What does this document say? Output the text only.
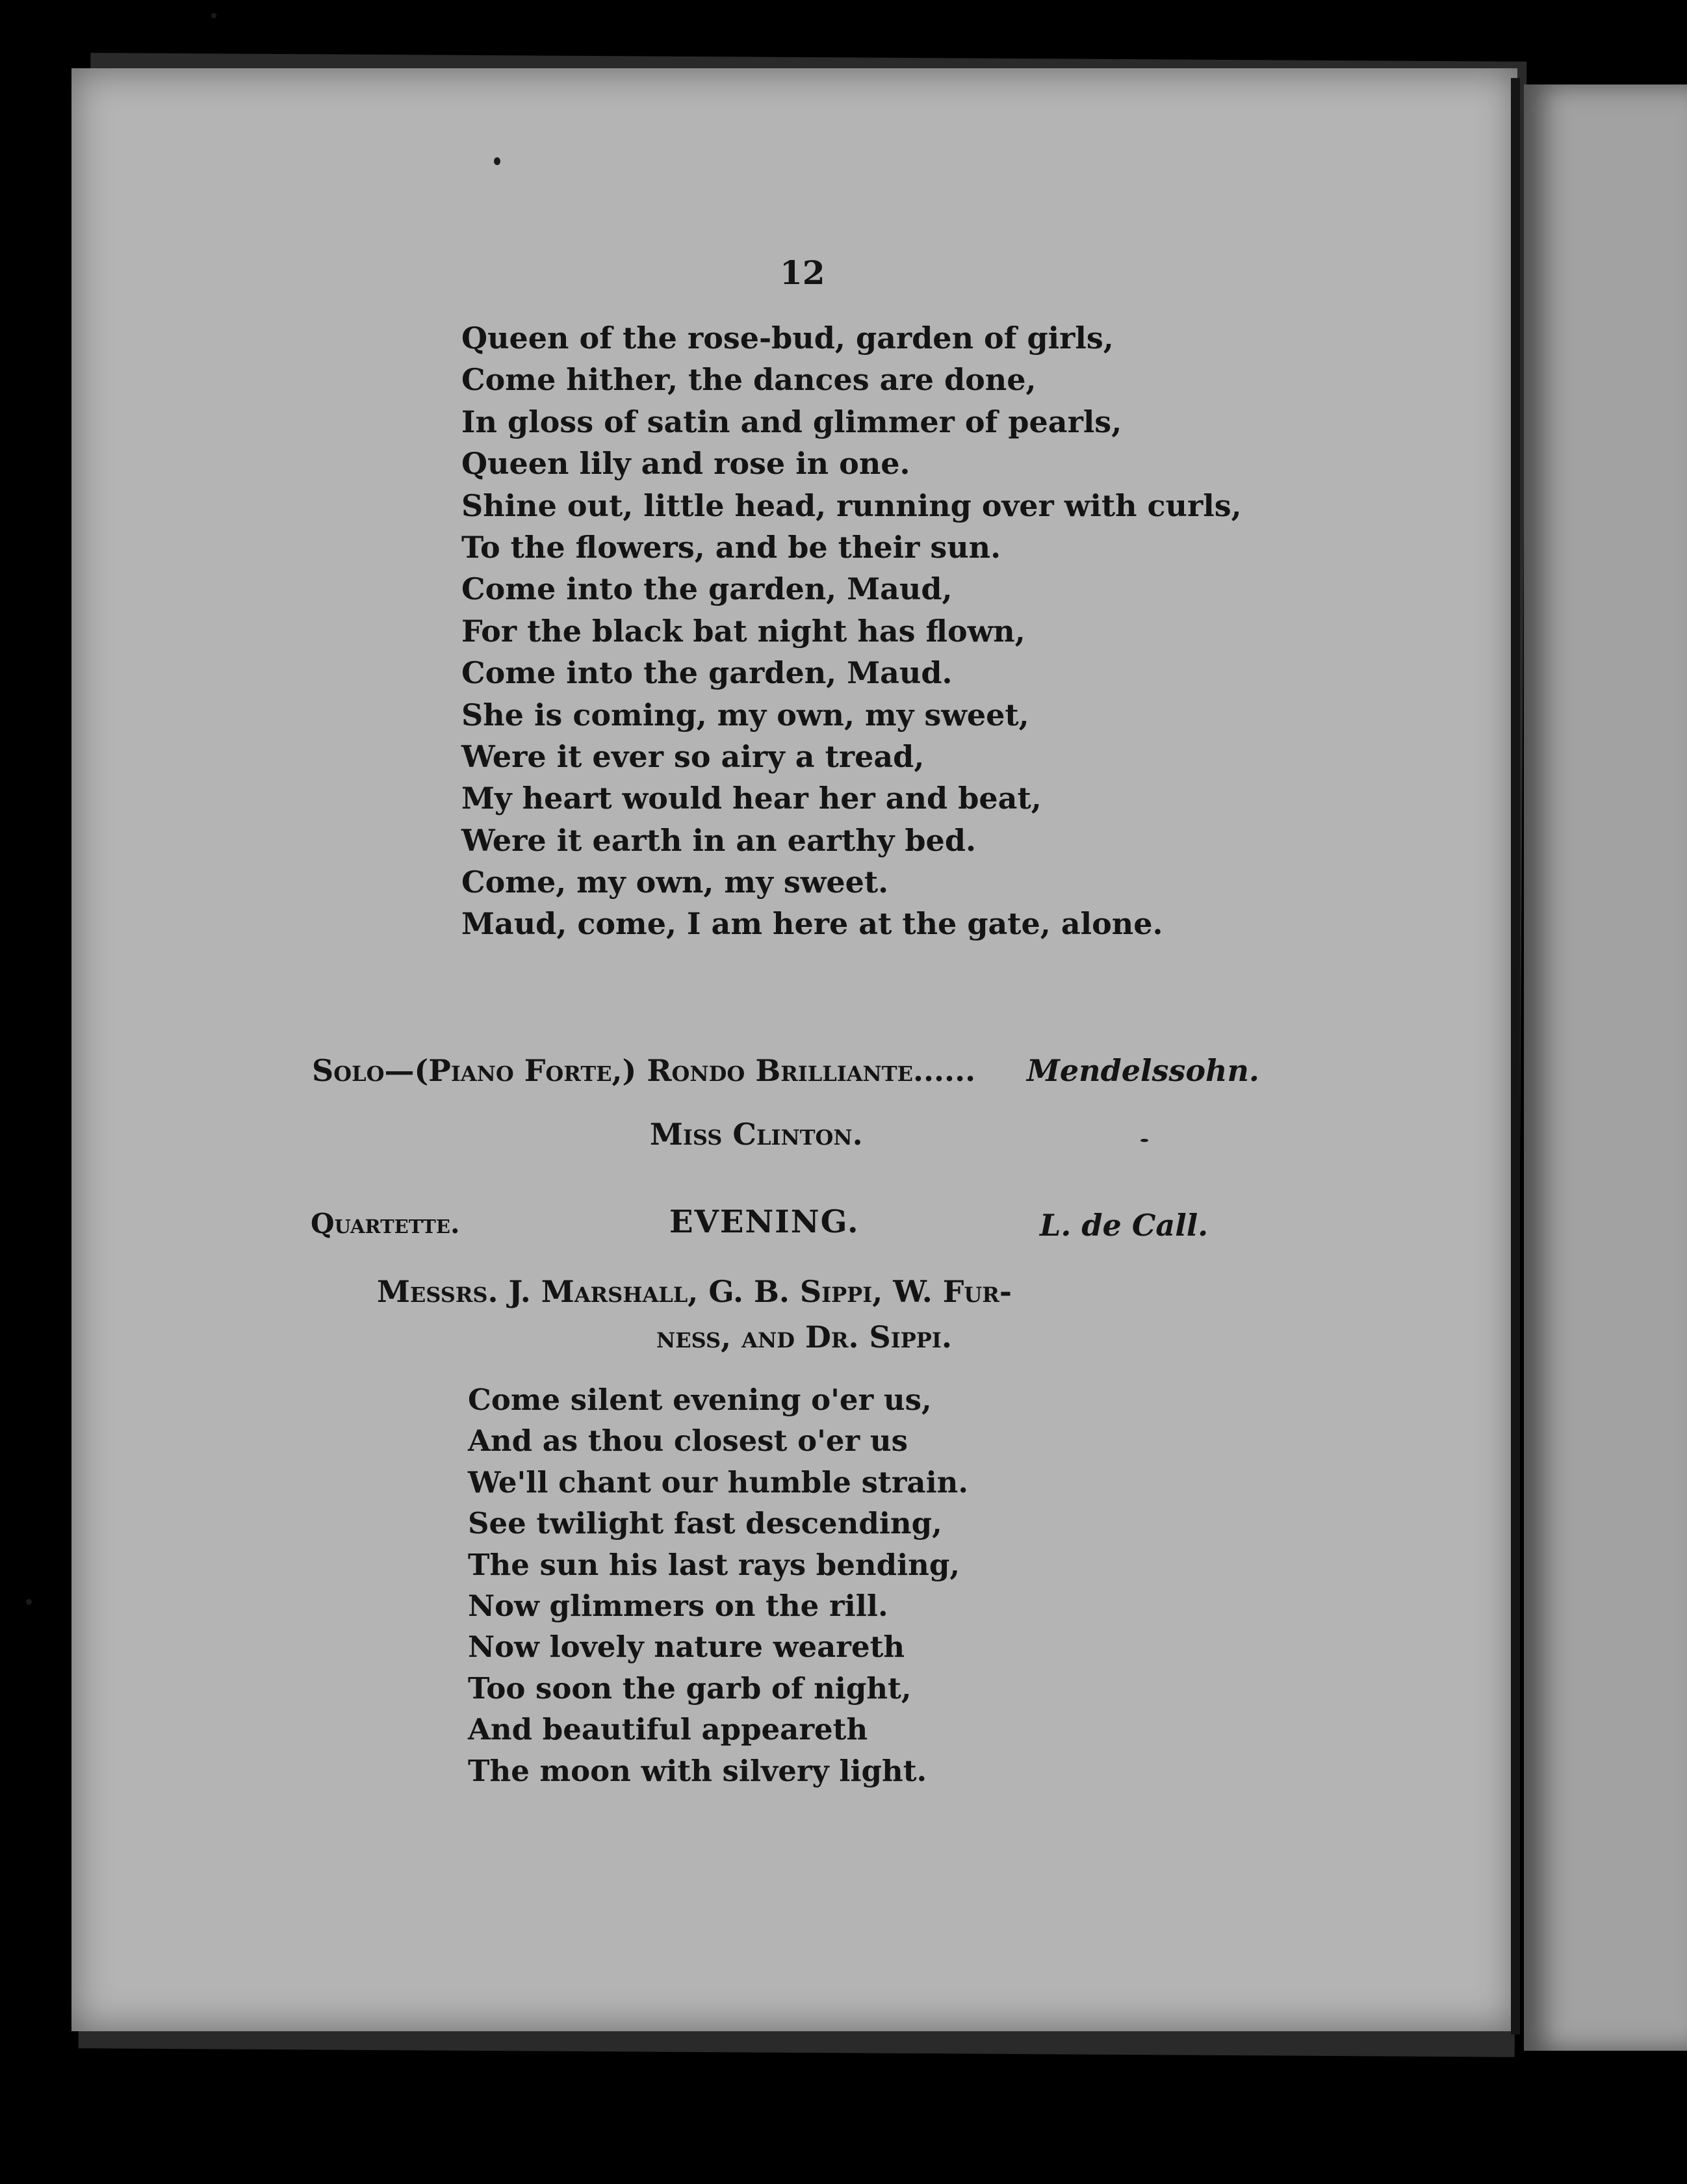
12
Queen of the rose-bud, garden of girls,
Come hither, the dances are done,
In gloss of satin and glimmer of pearls,
Queen lily and rose in one.
Shine out, little head, running over with curls,
To the flowers, and be their sun.
Come into the garden, Maud,
For the black bat night has flown,
Come into the garden, Maud.
She is coming, my own, my sweet,
Were it ever so airy a tread,
My heart would hear her and beat,
Were it earth in an earthy bed.
Come, my own, my sweet.
Maud, come, I am here at the gate, alone.
Solo—(Piano Forte,) Rondo Brilliante...... Mendelssohn.
Miss Clinton.
Quartette.	EVENING.	L. de Call.
Messrs. J. Marshall, G. B. Sippi, W. Fur-
ness, and Dr. Sippi.
Come silent evening o'er us,
And as thou closest o'er us
We'll chant our humble strain.
See twilight fast descending,
The sun his last rays bending,
Now glimmers on the rill.
Now lovely nature weareth
Too soon the garb of night,
And beautiful appeareth
The moon with silvery light.
